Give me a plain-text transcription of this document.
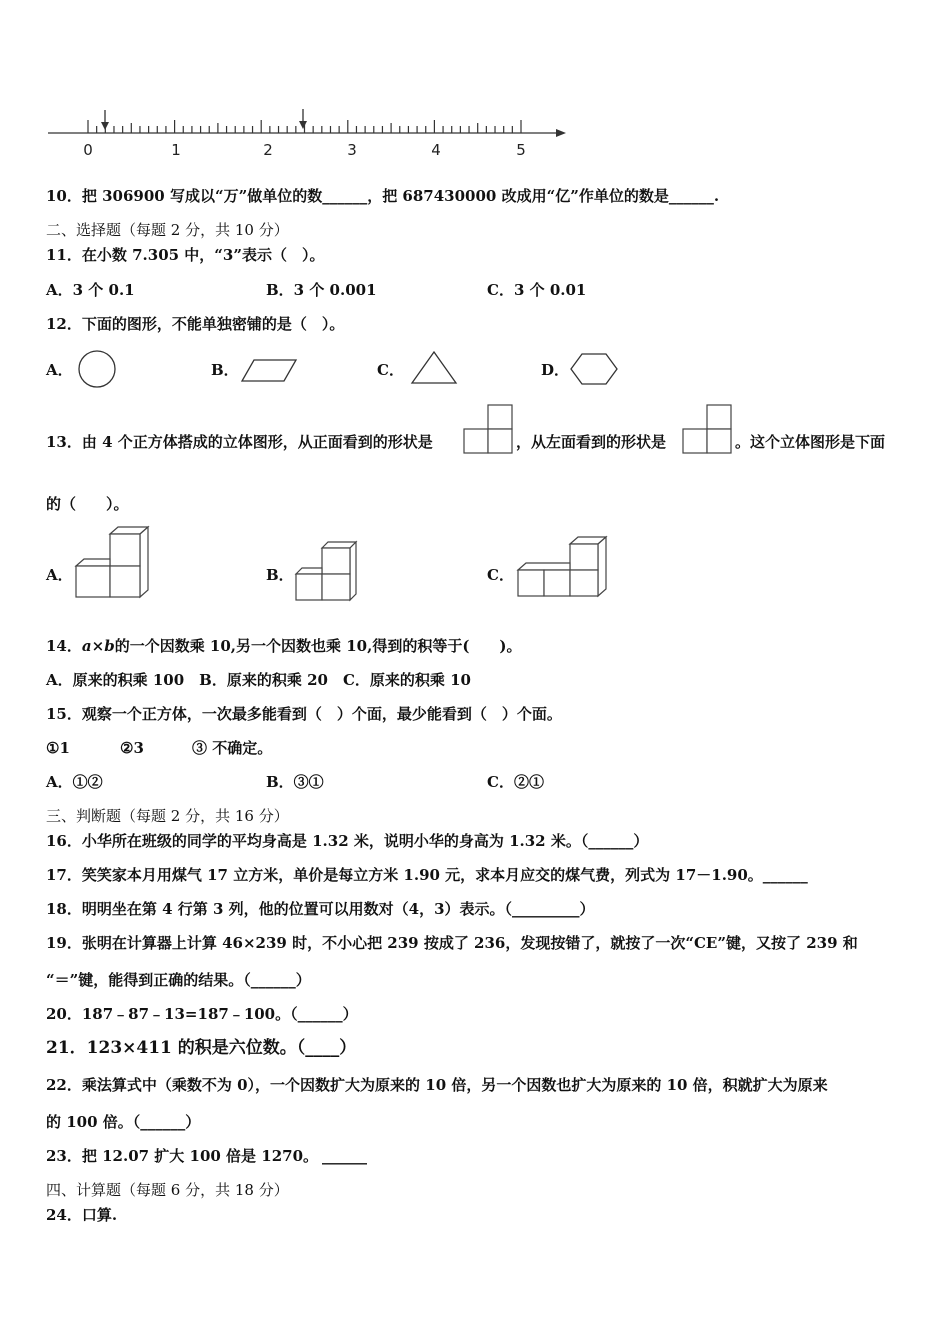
0	1	2	3	4	5
10．把 306900 写成以“万”做单位的数______，把 687430000 改成用“亿”作单位的数是______.
二、选择题（每题 2 分，共 10 分）
11．在小数 7.305 中，“3”表示（　）。
A．3 个 0.1	B．3 个 0.001	C．3 个 0.01
12．下面的图形，不能单独密铺的是（　）。
A．	B．	C．	D．
13．由 4 个正方体搭成的立体图形，从正面看到的形状是	，从左面看到的形状是	。这个立体图形是下面
的（　　）。
A．	B．	C．
14．a×b的一个因数乘 10,另一个因数也乘 10,得到的积等于(　　)。
A．原来的积乘 100　B．原来的积乘 20　C．原来的积乘 10
15．观察一个正方体，一次最多能看到（　）个面，最少能看到（　）个面。
①1	②3	③ 不确定。
A．①②	B．③①	C．②①
三、判断题（每题 2 分，共 16 分）
16．小华所在班级的同学的平均身高是 1.32 米，说明小华的身高为 1.32 米。（______）
17．笑笑家本月用煤气 17 立方米，单价是每立方米 1.90 元，求本月应交的煤气费，列式为 17－1.90。______
18．明明坐在第 4 行第 3 列，他的位置可以用数对（4，3）表示。（_________）
19．张明在计算器上计算 46×239 时，不小心把 239 按成了 236，发现按错了，就按了一次“CE”键，又按了 239 和
“＝”键，能得到正确的结果。（______）
20．187﹣87﹣13=187﹣100。（______）
21．123×411 的积是六位数。（____）
22．乘法算式中（乘数不为 0），一个因数扩大为原来的 10 倍，另一个因数也扩大为原来的 10 倍，积就扩大为原来
的 100 倍。（______）
23．把 12.07 扩大 100 倍是 1270。 ______
四、计算题（每题 6 分，共 18 分）
24．口算.
